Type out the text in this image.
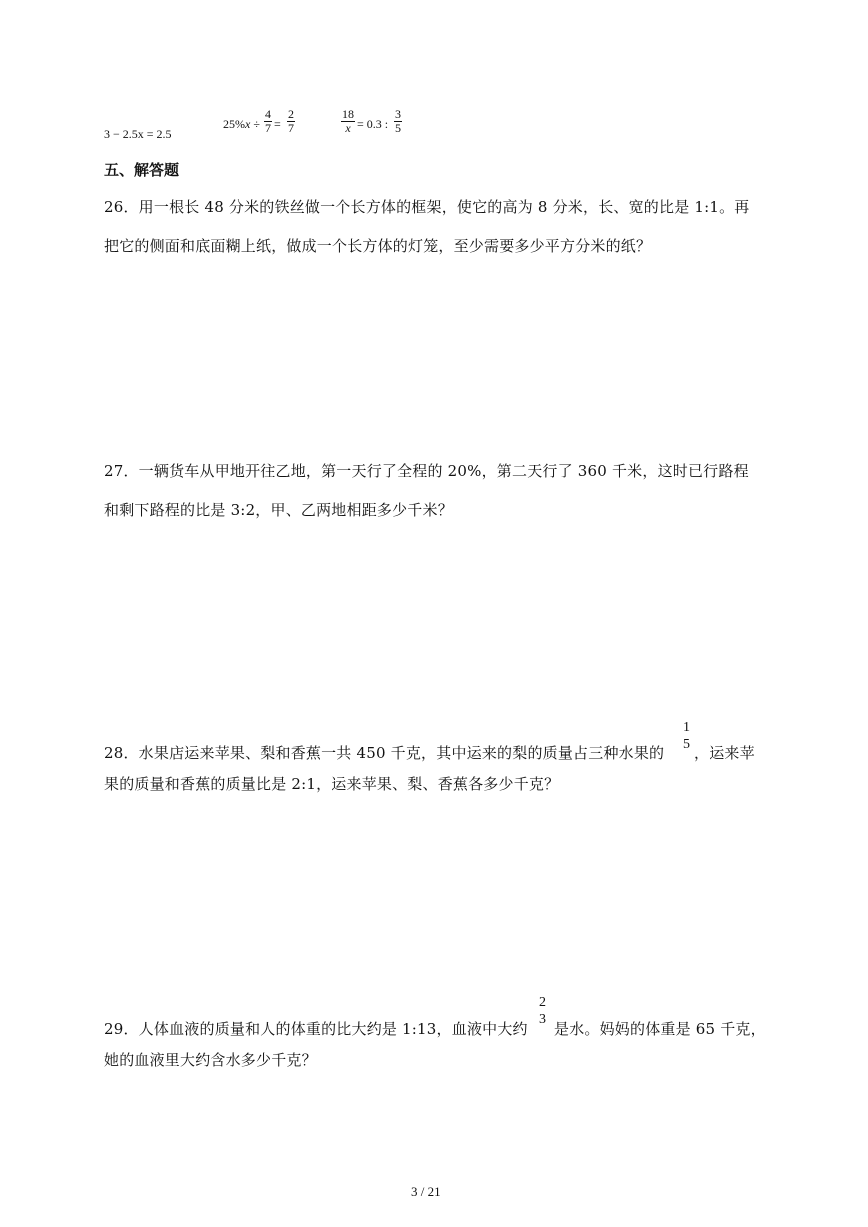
3 − 2.5x = 2.5
25%x ÷
4
7 =
2
7
18
x = 0.3 :
3
5
五、解答题
26．用一根长 48 分米的铁丝做一个长方体的框架，使它的高为 8 分米，长、宽的比是 1:1。再
把它的侧面和底面糊上纸，做成一个长方体的灯笼，至少需要多少平方分米的纸？
27．一辆货车从甲地开往乙地，第一天行了全程的 20%，第二天行了 360 千米，这时已行路程
和剩下路程的比是 3:2，甲、乙两地相距多少千米？
28．水果店运来苹果、梨和香蕉一共 450 千克，其中运来的梨的质量占三种水果的
1
5 ，运来苹
果的质量和香蕉的质量比是 2:1，运来苹果、梨、香蕉各多少千克？
29．人体血液的质量和人的体重的比大约是 1:13，血液中大约
2
3
是水。妈妈的体重是 65 千克，
她的血液里大约含水多少千克？
3 / 21
